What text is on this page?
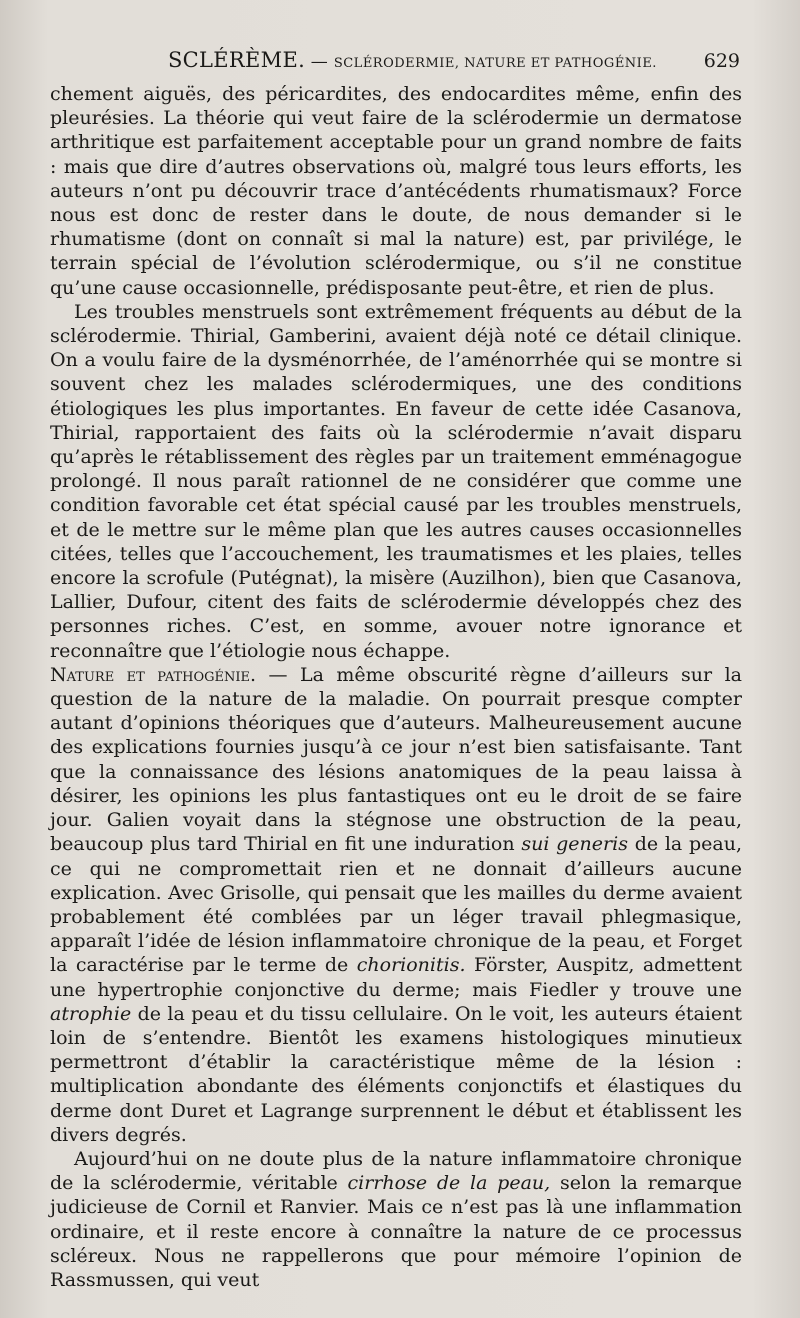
SCLÉRÈME. — SCLÉRODERMIE, NATURE ET PATHOGÉNIE. 629

chement aiguës, des péricardites, des endocardites même, enfin des pleurésies. La théorie qui veut faire de la sclérodermie un dermatose arthritique est parfaitement acceptable pour un grand nombre de faits : mais que dire d’autres observations où, malgré tous leurs efforts, les auteurs n’ont pu découvrir trace d’antécédents rhumatismaux? Force nous est donc de rester dans le doute, de nous demander si le rhumatisme (dont on connaît si mal la nature) est, par privilége, le terrain spécial de l’évolution sclérodermique, ou s’il ne constitue qu’une cause occasionnelle, prédisposante peut-être, et rien de plus.

Les troubles menstruels sont extrêmement fréquents au début de la sclérodermie. Thirial, Gamberini, avaient déjà noté ce détail clinique. On a voulu faire de la dysménorrhée, de l’aménorrhée qui se montre si souvent chez les malades sclérodermiques, une des conditions étiologiques les plus importantes. En faveur de cette idée Casanova, Thirial, rapportaient des faits où la sclérodermie n’avait disparu qu’après le rétablissement des règles par un traitement emménagogue prolongé. Il nous paraît rationnel de ne considérer que comme une condition favorable cet état spécial causé par les troubles menstruels, et de le mettre sur le même plan que les autres causes occasionnelles citées, telles que l’accouchement, les traumatismes et les plaies, telles encore la scrofule (Putégnat), la misère (Auzilhon), bien que Casanova, Lallier, Dufour, citent des faits de sclérodermie développés chez des personnes riches. C’est, en somme, avouer notre ignorance et reconnaître que l’étiologie nous échappe.

Nature et pathogénie. — La même obscurité règne d’ailleurs sur la question de la nature de la maladie. On pourrait presque compter autant d’opinions théoriques que d’auteurs. Malheureusement aucune des explications fournies jusqu’à ce jour n’est bien satisfaisante. Tant que la connaissance des lésions anatomiques de la peau laissa à désirer, les opinions les plus fantastiques ont eu le droit de se faire jour. Galien voyait dans la stégnose une obstruction de la peau, beaucoup plus tard Thirial en fit une induration sui generis de la peau, ce qui ne compromettait rien et ne donnait d’ailleurs aucune explication. Avec Grisolle, qui pensait que les mailles du derme avaient probablement été comblées par un léger travail phlegmasique, apparaît l’idée de lésion inflammatoire chronique de la peau, et Forget la caractérise par le terme de chorionitis. Förster, Auspitz, admettent une hypertrophie conjonctive du derme; mais Fiedler y trouve une atrophie de la peau et du tissu cellulaire. On le voit, les auteurs étaient loin de s’entendre. Bientôt les examens histologiques minutieux permettront d’établir la caractéristique même de la lésion : multiplication abondante des éléments conjonctifs et élastiques du derme dont Duret et Lagrange surprennent le début et établissent les divers degrés.

Aujourd’hui on ne doute plus de la nature inflammatoire chronique de la sclérodermie, véritable cirrhose de la peau, selon la remarque judicieuse de Cornil et Ranvier. Mais ce n’est pas là une inflammation ordinaire, et il reste encore à connaître la nature de ce processus scléreux. Nous ne rappellerons que pour mémoire l’opinion de Rassmussen, qui veut
